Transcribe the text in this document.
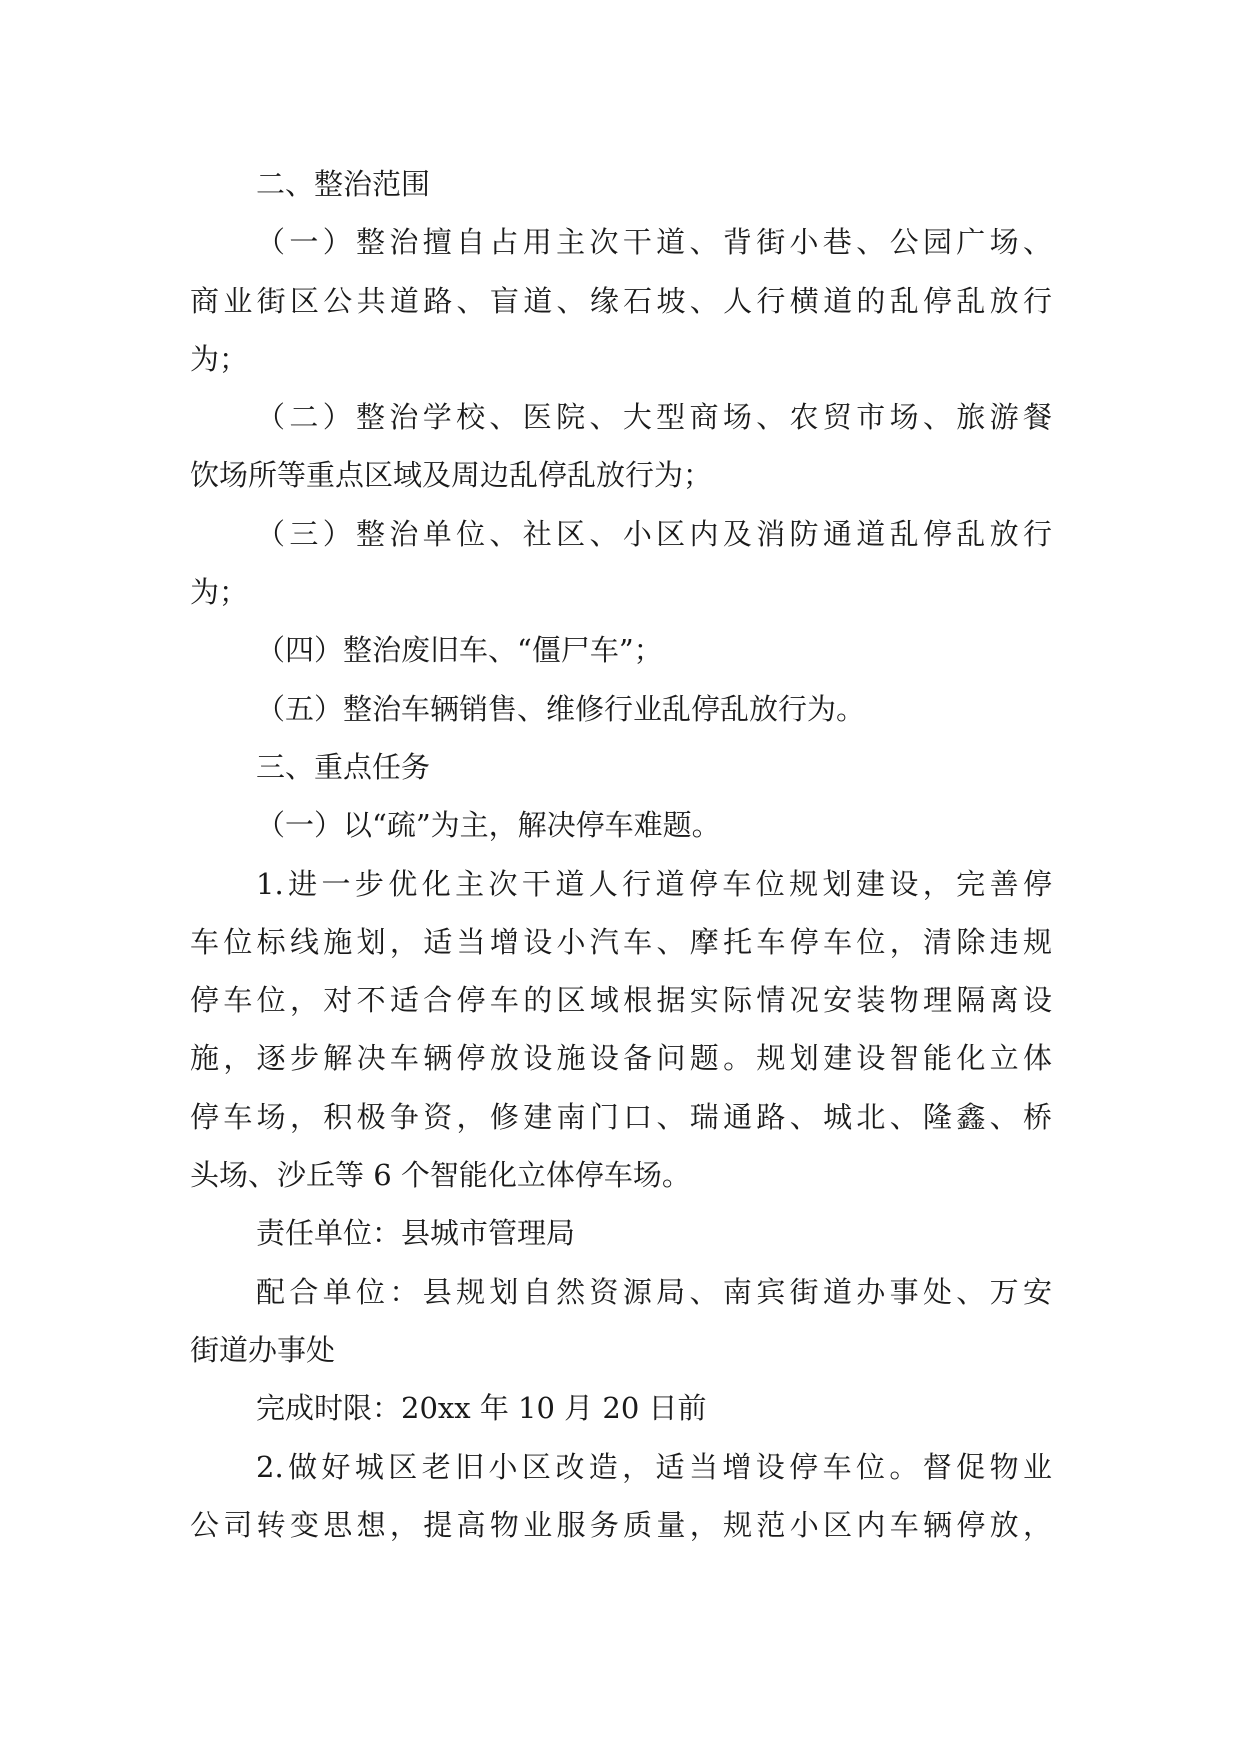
二、整治范围
（一）整治擅自占用主次干道、背街小巷、公园广场、
商业街区公共道路、盲道、缘石坡、人行横道的乱停乱放行
为；
（二）整治学校、医院、大型商场、农贸市场、旅游餐
饮场所等重点区域及周边乱停乱放行为；
（三）整治单位、社区、小区内及消防通道乱停乱放行
为；
（四）整治废旧车、“僵尸车”；
（五）整治车辆销售、维修行业乱停乱放行为。
三、重点任务
（一）以“疏”为主，解决停车难题。
1.进一步优化主次干道人行道停车位规划建设，完善停
车位标线施划，适当增设小汽车、摩托车停车位，清除违规
停车位，对不适合停车的区域根据实际情况安装物理隔离设
施，逐步解决车辆停放设施设备问题。规划建设智能化立体
停车场，积极争资，修建南门口、瑞通路、城北、隆鑫、桥
头场、沙丘等 6 个智能化立体停车场。
责任单位：县城市管理局
配合单位：县规划自然资源局、南宾街道办事处、万安
街道办事处
完成时限：20xx 年 10 月 20 日前
2.做好城区老旧小区改造，适当增设停车位。督促物业
公司转变思想，提高物业服务质量，规范小区内车辆停放，
